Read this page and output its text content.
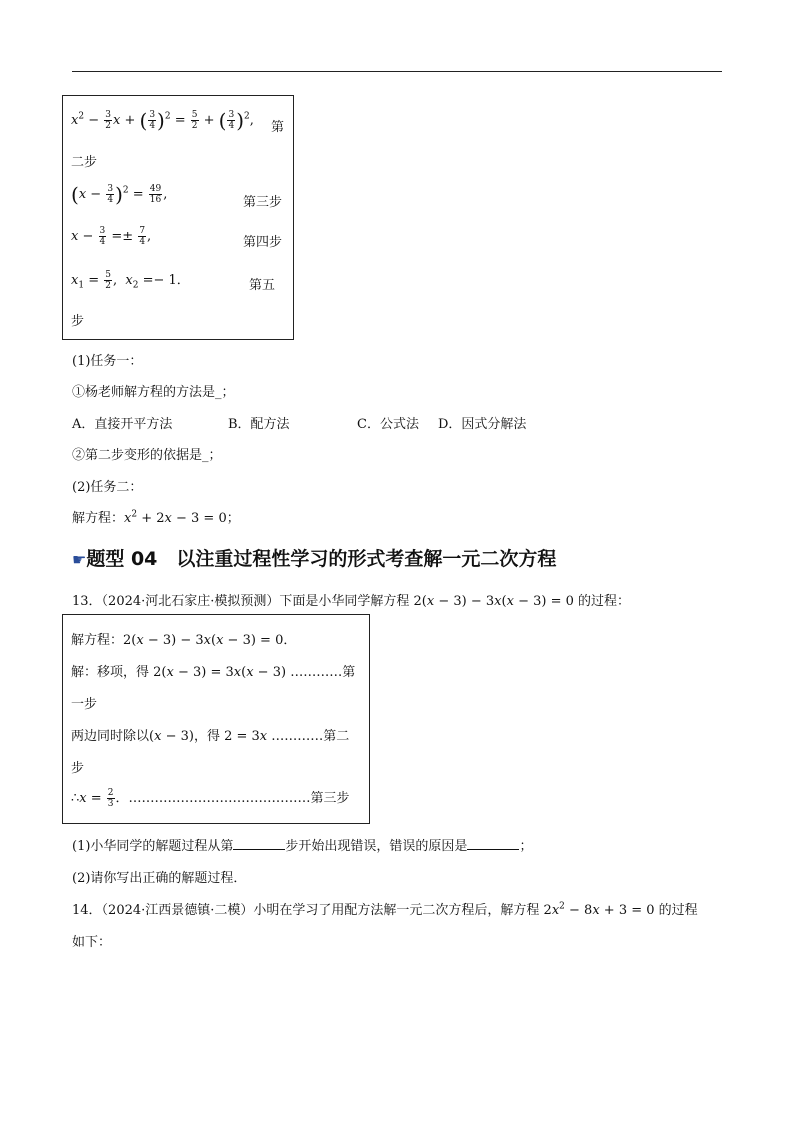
$x^2 - \frac{3}{2}$ x + ( $\frac{3}{4} )^2 = \frac{5}{2}$ + ( $\frac{3}{4} )^2$, 第
二步
$(x - \frac{3}{4} )^2 = \frac{49}{16}$ ,
第三步
$x - \frac{3}{4} =\pm \frac{7}{4}$ ,	第四步
$x_1 = \frac{5}{2}$ ,  $x_2 =- 1$．	第五
步
(1)任务一：
①杨老师解方程的方法是_；
A．直接开平方法	B．配方法	C．公式法 D．因式分解法
②第二步变形的依据是_；
(2)任务二：
解方程：$x^2 + 2x - 3 = 0$；
☛题型 04　以注重过程性学习的形式考查解一元二次方程
13．（2024·河北石家庄·模拟预测）下面是小华同学解方程 2(x − 3) − 3x(x − 3) = 0 的过程：
解方程：2(x − 3) − 3x(x − 3) = 0．
解：移项，得 2(x − 3) = 3x(x − 3) …………第
一步
两边同时除以(x − 3)，得 2 = 3x …………第二
步
∴x = $\frac{2}{3}$ ．……………………………………第三步
(1)小华同学的解题过程从第	步开始出现错误，错误的原因是	；
(2)请你写出正确的解题过程．
14．（2024·江西景德镇·二模）小明在学习了用配方法解一元二次方程后，解方程 $2x^2 - 8x + 3 = 0$ 的过程
如下：
